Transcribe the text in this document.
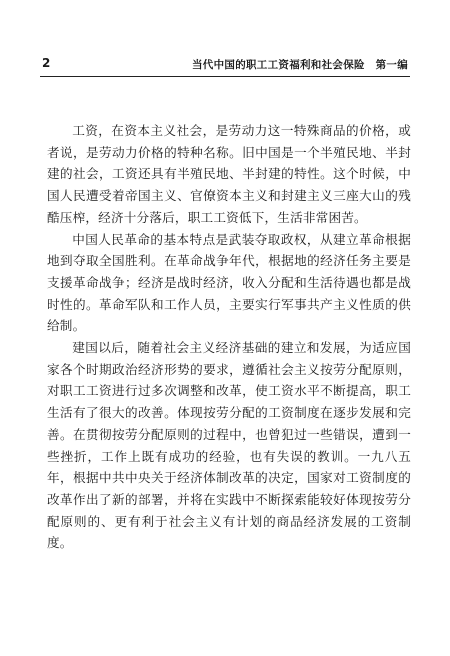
2	当代中国的职工工资福利和社会保险　第一编

工资，在资本主义社会，是劳动力这一特殊商品的价格，或者说，是劳动力价格的特种名称。旧中国是一个半殖民地、半封建的社会，工资还具有半殖民地、半封建的特性。这个时候，中国人民遭受着帝国主义、官僚资本主义和封建主义三座大山的残酷压榨，经济十分落后，职工工资低下，生活非常困苦。

中国人民革命的基本特点是武装夺取政权，从建立革命根据地到夺取全国胜利。在革命战争年代，根据地的经济任务主要是支援革命战争；经济是战时经济，收入分配和生活待遇也都是战时性的。革命军队和工作人员，主要实行军事共产主义性质的供给制。

建国以后，随着社会主义经济基础的建立和发展，为适应国家各个时期政治经济形势的要求，遵循社会主义按劳分配原则，对职工工资进行过多次调整和改革，使工资水平不断提高，职工生活有了很大的改善。体现按劳分配的工资制度在逐步发展和完善。在贯彻按劳分配原则的过程中，也曾犯过一些错误，遭到一些挫折，工作上既有成功的经验，也有失误的教训。一九八五年，根据中共中央关于经济体制改革的决定，国家对工资制度的改革作出了新的部署，并将在实践中不断探索能较好体现按劳分配原则的、更有利于社会主义有计划的商品经济发展的工资制度。
